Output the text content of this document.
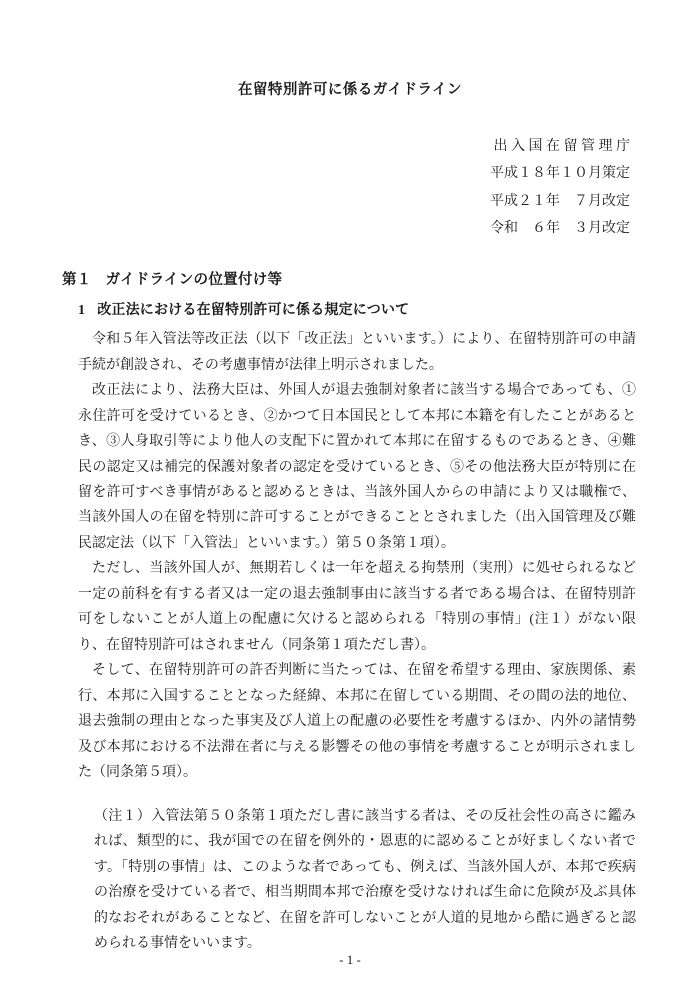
在留特別許可に係るガイドライン
出 入 国 在 留 管 理 庁
平成１８年１０月策定
平成２１年　７月改定
令和　６年　３月改定
第１ ガイドラインの位置付け等
1 改正法における在留特別許可に係る規定について

令和５年入管法等改正法（以下「改正法」といいます。）により、在留特別許可の申請手続が創設され、その考慮事情が法律上明示されました。

改正法により、法務大臣は、外国人が退去強制対象者に該当する場合であっても、①永住許可を受けているとき、②かつて日本国民として本邦に本籍を有したことがあるとき、③人身取引等により他人の支配下に置かれて本邦に在留するものであるとき、④難民の認定又は補完的保護対象者の認定を受けているとき、⑤その他法務大臣が特別に在留を許可すべき事情があると認めるときは、当該外国人からの申請により又は職権で、当該外国人の在留を特別に許可することができることとされました（出入国管理及び難民認定法（以下「入管法」といいます。）第５０条第１項）。

ただし、当該外国人が、無期若しくは一年を超える拘禁刑（実刑）に処せられるなど一定の前科を有する者又は一定の退去強制事由に該当する者である場合は、在留特別許可をしないことが人道上の配慮に欠けると認められる「特別の事情」(注１）がない限り、在留特別許可はされません（同条第１項ただし書）。

そして、在留特別許可の許否判断に当たっては、在留を希望する理由、家族関係、素行、本邦に入国することとなった経緯、本邦に在留している期間、その間の法的地位、退去強制の理由となった事実及び人道上の配慮の必要性を考慮するほか、内外の諸情勢及び本邦における不法滞在者に与える影響その他の事情を考慮することが明示されました（同条第５項）。

（注１）入管法第５０条第１項ただし書に該当する者は、その反社会性の高さに鑑みれば、類型的に、我が国での在留を例外的・恩恵的に認めることが好ましくない者です。「特別の事情」は、このような者であっても、例えば、当該外国人が、本邦で疾病の治療を受けている者で、相当期間本邦で治療を受けなければ生命に危険が及ぶ具体的なおそれがあることなど、在留を許可しないことが人道的見地から酷に過ぎると認められる事情をいいます。

- 1 -
